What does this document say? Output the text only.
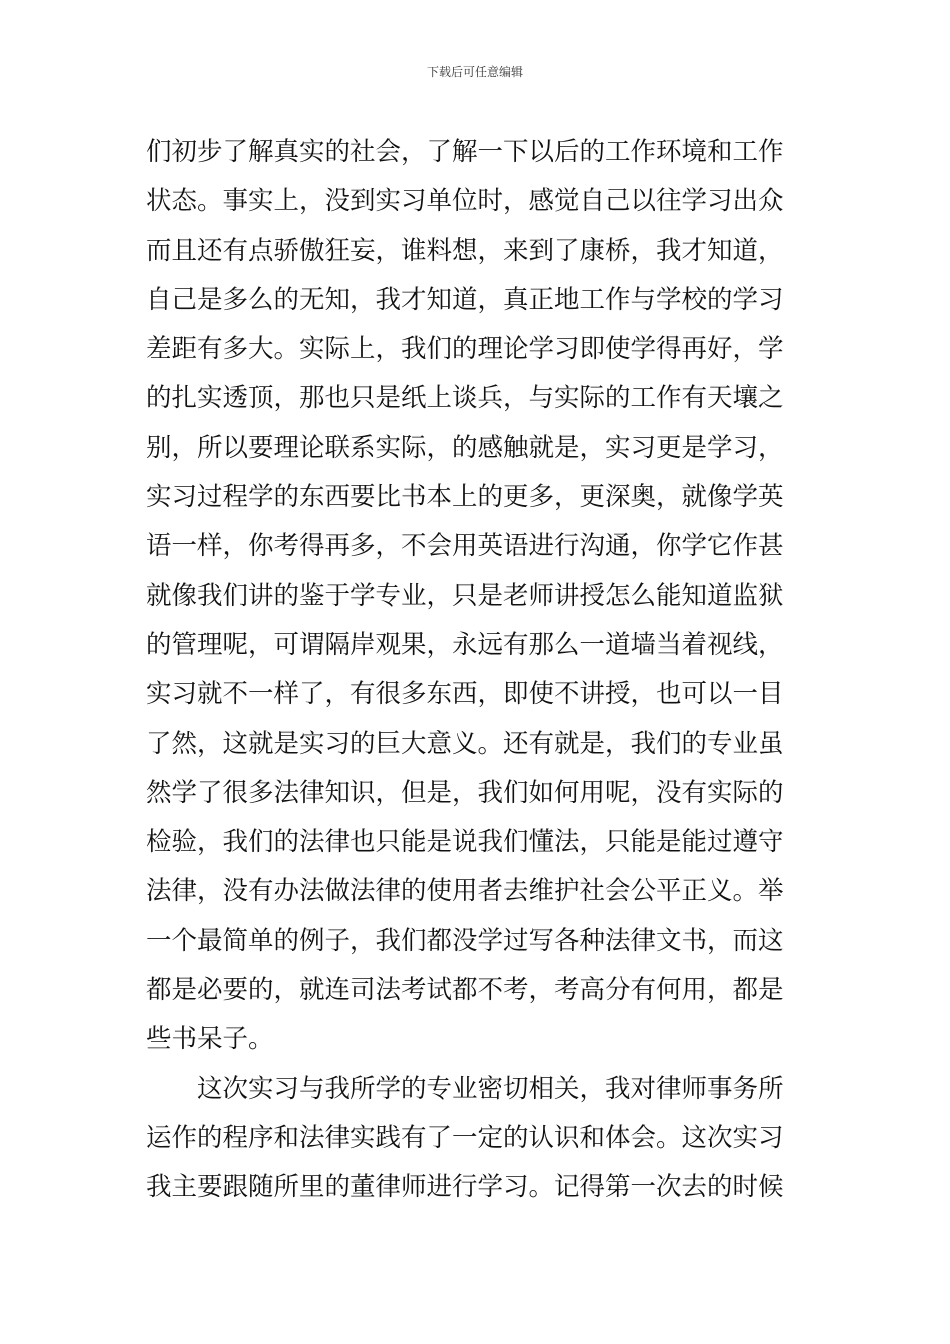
下载后可任意编辑
们初步了解真实的社会，了解一下以后的工作环境和工作
状态。事实上，没到实习单位时，感觉自己以往学习出众
而且还有点骄傲狂妄，谁料想，来到了康桥，我才知道，
自己是多么的无知，我才知道，真正地工作与学校的学习
差距有多大。实际上，我们的理论学习即使学得再好，学
的扎实透顶，那也只是纸上谈兵，与实际的工作有天壤之
别，所以要理论联系实际，的感触就是，实习更是学习，
实习过程学的东西要比书本上的更多，更深奥，就像学英
语一样，你考得再多，不会用英语进行沟通，你学它作甚
就像我们讲的鉴于学专业，只是老师讲授怎么能知道监狱
的管理呢，可谓隔岸观果，永远有那么一道墙当着视线，
实习就不一样了，有很多东西，即使不讲授，也可以一目
了然，这就是实习的巨大意义。还有就是，我们的专业虽
然学了很多法律知识，但是，我们如何用呢，没有实际的
检验，我们的法律也只能是说我们懂法，只能是能过遵守
法律，没有办法做法律的使用者去维护社会公平正义。举
一个最简单的例子，我们都没学过写各种法律文书，而这
都是必要的，就连司法考试都不考，考高分有何用，都是
些书呆子。
　　这次实习与我所学的专业密切相关，我对律师事务所
运作的程序和法律实践有了一定的认识和体会。这次实习
我主要跟随所里的董律师进行学习。记得第一次去的时候
